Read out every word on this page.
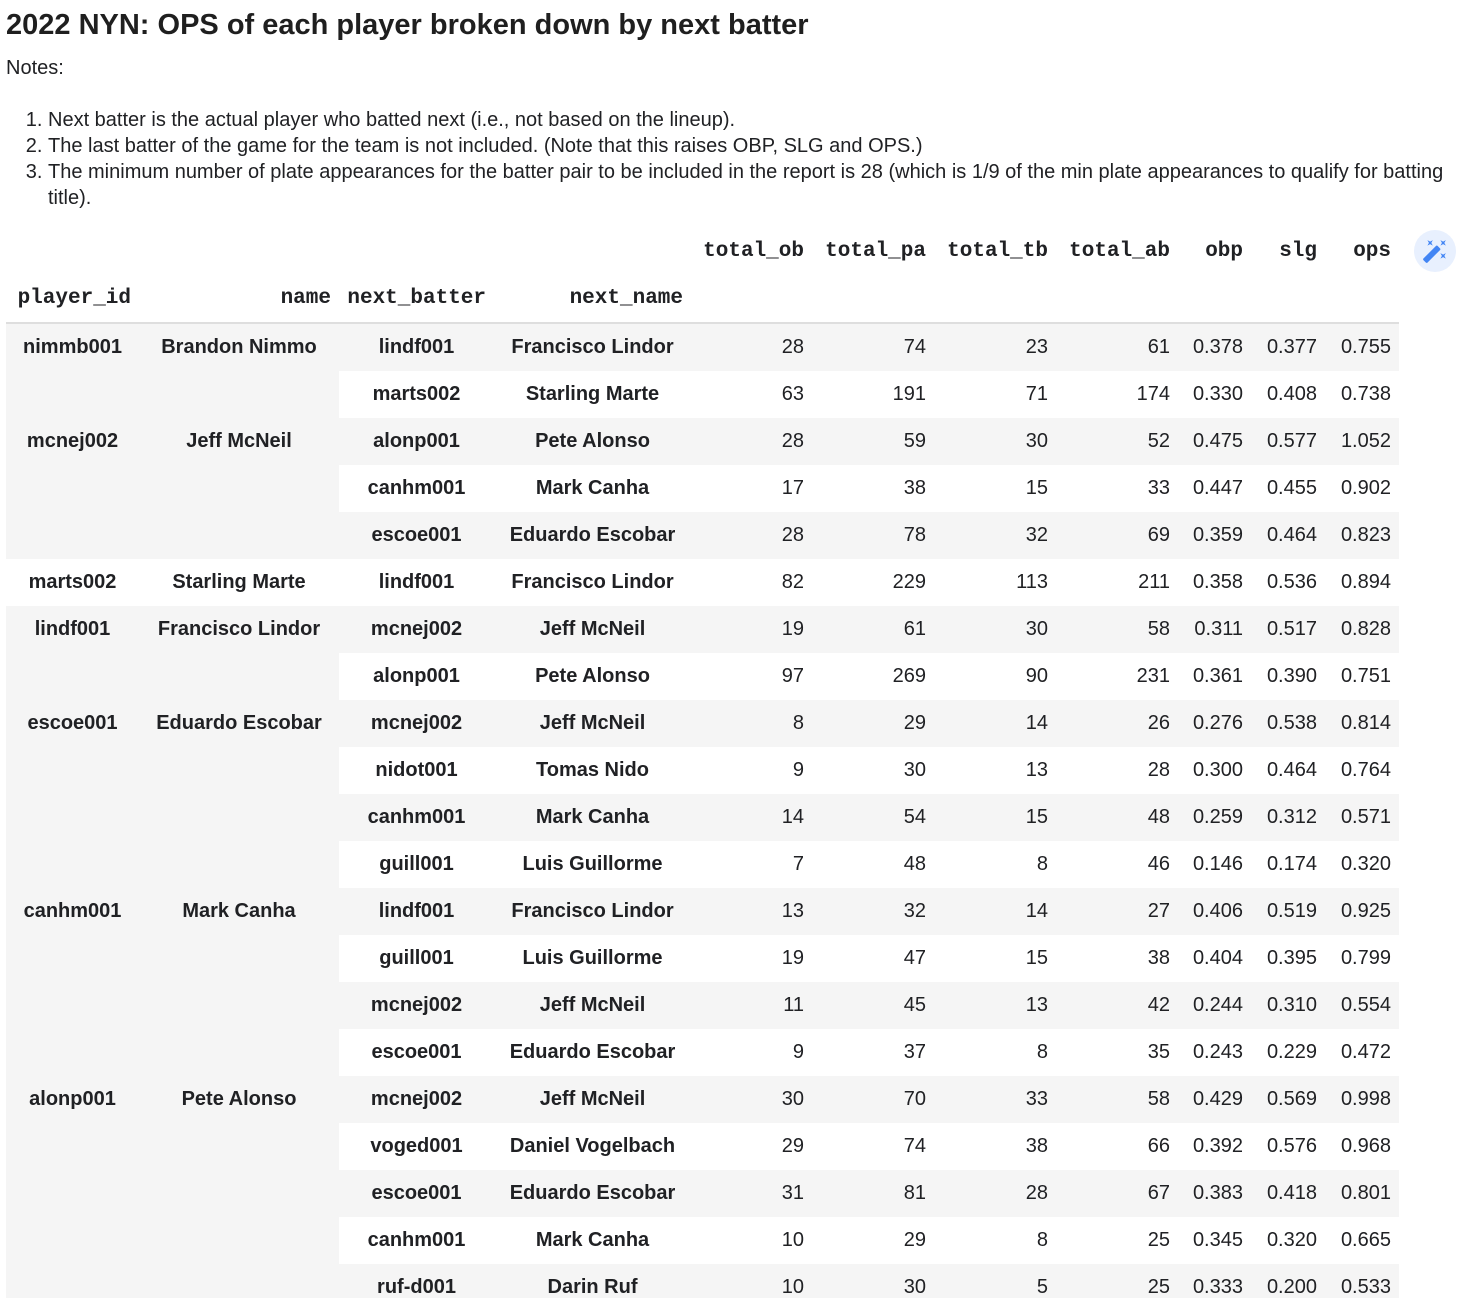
2022 NYN: OPS of each player broken down by next batter

Notes:

1. Next batter is the actual player who batted next (i.e., not based on the lineup).
2. The last batter of the game for the team is not included. (Note that this raises OBP, SLG and OPS.)
3. The minimum number of plate appearances for the batter pair to be included in the report is 28 (which is 1/9 of the min plate appearances to qualify for batting title).
				total_ob	total_pa	total_tb	total_ab	obp	slg	ops
player_id	name	next_batter	next_name							
nimmb001	Brandon Nimmo	lindf001	Francisco Lindor	28	74	23	61	0.378	0.377	0.755
		marts002	Starling Marte	63	191	71	174	0.330	0.408	0.738
mcnej002	Jeff McNeil	alonp001	Pete Alonso	28	59	30	52	0.475	0.577	1.052
		canhm001	Mark Canha	17	38	15	33	0.447	0.455	0.902
		escoe001	Eduardo Escobar	28	78	32	69	0.359	0.464	0.823
marts002	Starling Marte	lindf001	Francisco Lindor	82	229	113	211	0.358	0.536	0.894
lindf001	Francisco Lindor	mcnej002	Jeff McNeil	19	61	30	58	0.311	0.517	0.828
		alonp001	Pete Alonso	97	269	90	231	0.361	0.390	0.751
escoe001	Eduardo Escobar	mcnej002	Jeff McNeil	8	29	14	26	0.276	0.538	0.814
		nidot001	Tomas Nido	9	30	13	28	0.300	0.464	0.764
		canhm001	Mark Canha	14	54	15	48	0.259	0.312	0.571
		guill001	Luis Guillorme	7	48	8	46	0.146	0.174	0.320
canhm001	Mark Canha	lindf001	Francisco Lindor	13	32	14	27	0.406	0.519	0.925
		guill001	Luis Guillorme	19	47	15	38	0.404	0.395	0.799
		mcnej002	Jeff McNeil	11	45	13	42	0.244	0.310	0.554
		escoe001	Eduardo Escobar	9	37	8	35	0.243	0.229	0.472
alonp001	Pete Alonso	mcnej002	Jeff McNeil	30	70	33	58	0.429	0.569	0.998
		voged001	Daniel Vogelbach	29	74	38	66	0.392	0.576	0.968
		escoe001	Eduardo Escobar	31	81	28	67	0.383	0.418	0.801
		canhm001	Mark Canha	10	29	8	25	0.345	0.320	0.665
		ruf-d001	Darin Ruf	10	30	5	25	0.333	0.200	0.533
